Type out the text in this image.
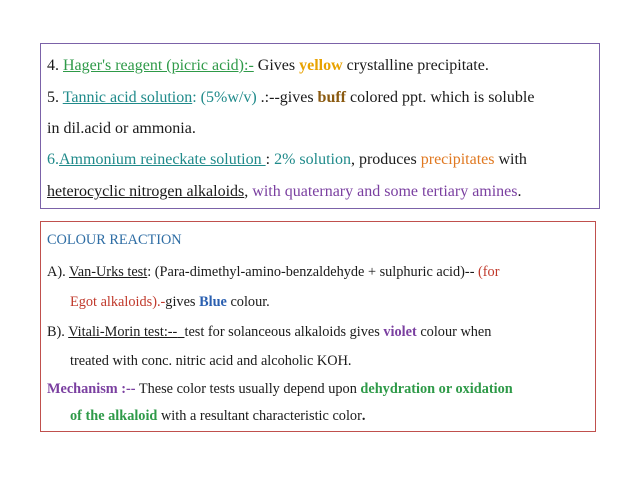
4. Hager's reagent (picric acid):- Gives yellow crystalline precipitate.
5. Tannic acid solution: (5%w/v) .:--gives buff colored ppt. which is soluble
in dil.acid or ammonia.
6.Ammonium reineckate solution : 2% solution, produces precipitates with
heterocyclic nitrogen alkaloids, with quaternary and some tertiary amines.
COLOUR REACTION
A). Van-Urks test: (Para-dimethyl-amino-benzaldehyde + sulphuric acid)-- (for
Egot alkaloids).-gives Blue colour.
B). Vitali-Morin test:-- test for solanceous alkaloids gives violet colour when
treated with conc. nitric acid and alcoholic KOH.
Mechanism :-- These color tests usually depend upon dehydration or oxidation
of the alkaloid with a resultant characteristic color.
